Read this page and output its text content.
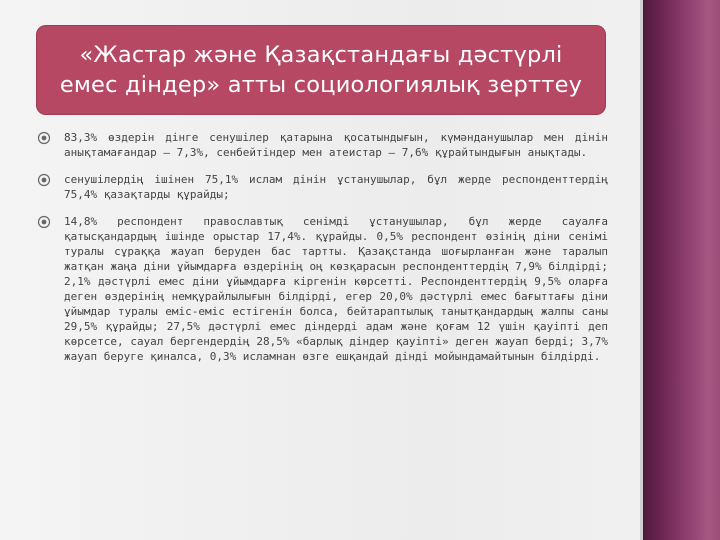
«Жастар және Қазақстандағы дәстүрлі
емес діндер» атты социологиялық зерттеу
83,3% өздерін дінге сенушілер қатарына қосатындығын, күмәнданушылар мен дінін анықтамағандар – 7,3%, сенбейтіндер мен атеистар – 7,6% құрайтындығын анықтады.
сенушілердің ішінен 75,1% ислам дінін ұстанушылар, бұл жерде респонденттердің 75,4% қазақтарды құрайды;
14,8% респондент православтық сенімді ұстанушылар, бұл жерде сауалға қатысқандардың ішінде орыстар 17,4%. құрайды. 0,5% респондент өзінің діни сенімі туралы сұраққа жауап беруден бас тартты. Қазақстанда шоғырланған және таралып жатқан жаңа діни ұйымдарға өздерінің оң көзқарасын респонденттердің 7,9% білдірді; 2,1% дәстүрлі емес діни ұйымдарға кіргенін көрсетті. Респонденттердің 9,5% оларға деген өздерінің немқұрайлылығын білдірді, егер 20,0% дәстүрлі емес бағыттағы діни ұйымдар туралы еміс-еміс естігенін болса, бейтараптылық танытқандардың жалпы саны 29,5% құрайды; 27,5% дәстүрлі емес діндерді адам және қоғам 12 үшін қауіпті деп көрсетсе, сауал бергендердің 28,5% «барлық діндер қауіпті» деген жауап берді; 3,7% жауап беруге қиналса, 0,3% исламнан өзге ешқандай дінді мойындамайтынын білдірді.
